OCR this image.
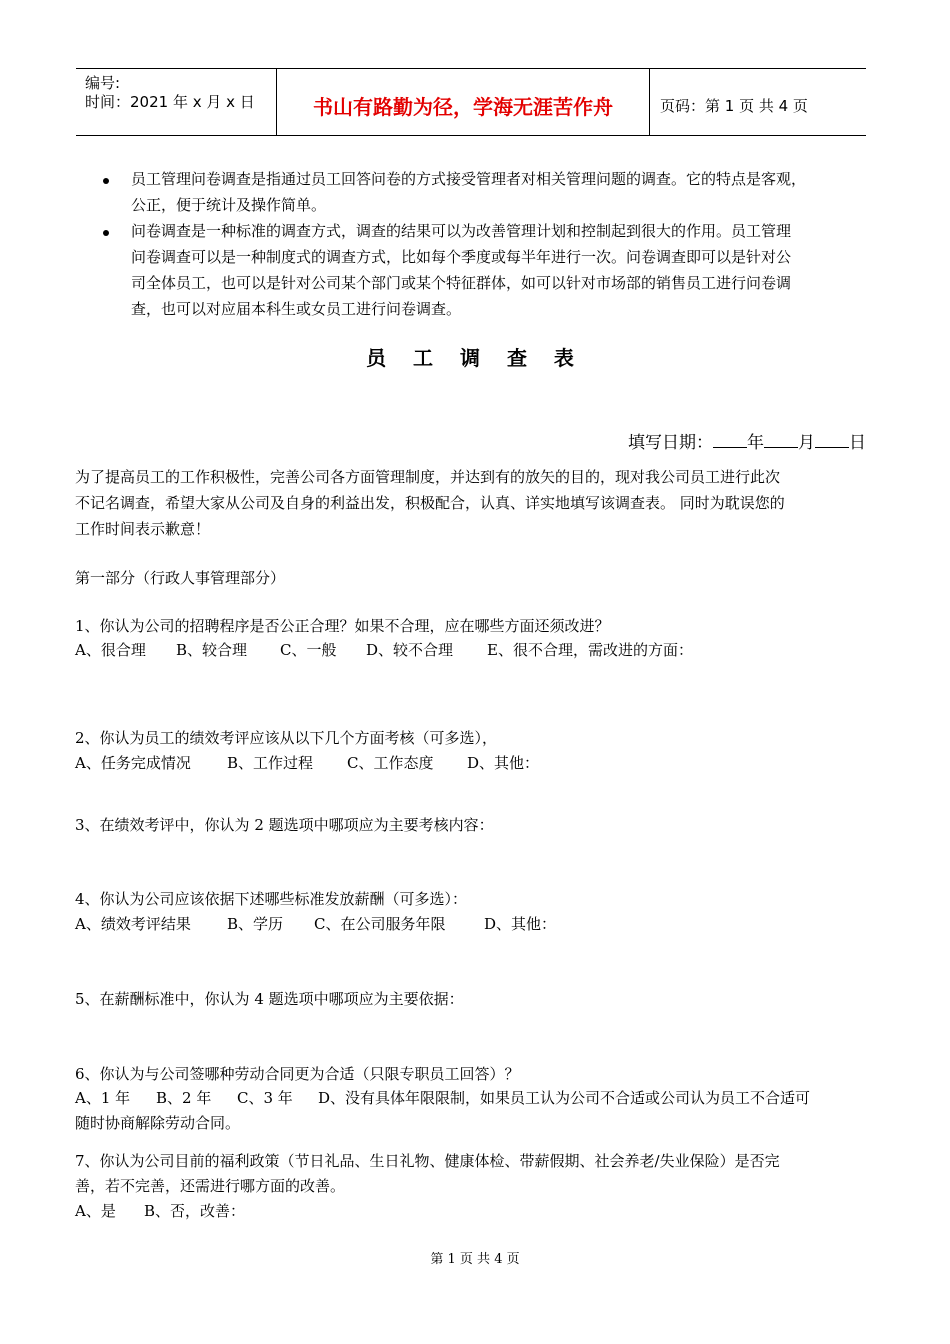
编号:
时间：2021 年 x 月 x 日	书山有路勤为径，学海无涯苦作舟	页码：第 1 页 共 4 页
员工管理问卷调查是指通过员工回答问卷的方式接受管理者对相关管理问题的调查。它的特点是客观，
公正，便于统计及操作简单。
问卷调查是一种标准的调查方式，调查的结果可以为改善管理计划和控制起到很大的作用。员工管理
问卷调查可以是一种制度式的调查方式，比如每个季度或每半年进行一次。问卷调查即可以是针对公
司全体员工，也可以是针对公司某个部门或某个特征群体，如可以针对市场部的销售员工进行问卷调
查，也可以对应届本科生或女员工进行问卷调查。
员 工 调 查 表
填写日期： 年 月 日
为了提高员工的工作积极性，完善公司各方面管理制度，并达到有的放矢的目的，现对我公司员工进行此次
不记名调查，希望大家从公司及自身的利益出发，积极配合，认真、详实地填写该调查表。 同时为耽误您的
工作时间表示歉意！
第一部分（行政人事管理部分）
1、你认为公司的招聘程序是否公正合理？如果不合理，应在哪些方面还须改进？
A、很合理 B、较合理 C、一般 D、较不合理 E、很不合理，需改进的方面：
2、你认为员工的绩效考评应该从以下几个方面考核（可多选），
A、任务完成情况 B、工作过程 C、工作态度 D、其他：
3、在绩效考评中，你认为 2 题选项中哪项应为主要考核内容：
4、你认为公司应该依据下述哪些标准发放薪酬（可多选）：
A、绩效考评结果 B、学历 C、在公司服务年限	D、其他：
5、在薪酬标准中，你认为 4 题选项中哪项应为主要依据：
6、你认为与公司签哪种劳动合同更为合适（只限专职员工回答）？
A、1 年 B、2 年 C、3 年 D、没有具体年限限制，如果员工认为公司不合适或公司认为员工不合适可
随时协商解除劳动合同。
7、你认为公司目前的福利政策（节日礼品、生日礼物、健康体检、带薪假期、社会养老/失业保险）是否完
善，若不完善，还需进行哪方面的改善。
A、是 B、否，改善：
第 1 页 共 4 页
